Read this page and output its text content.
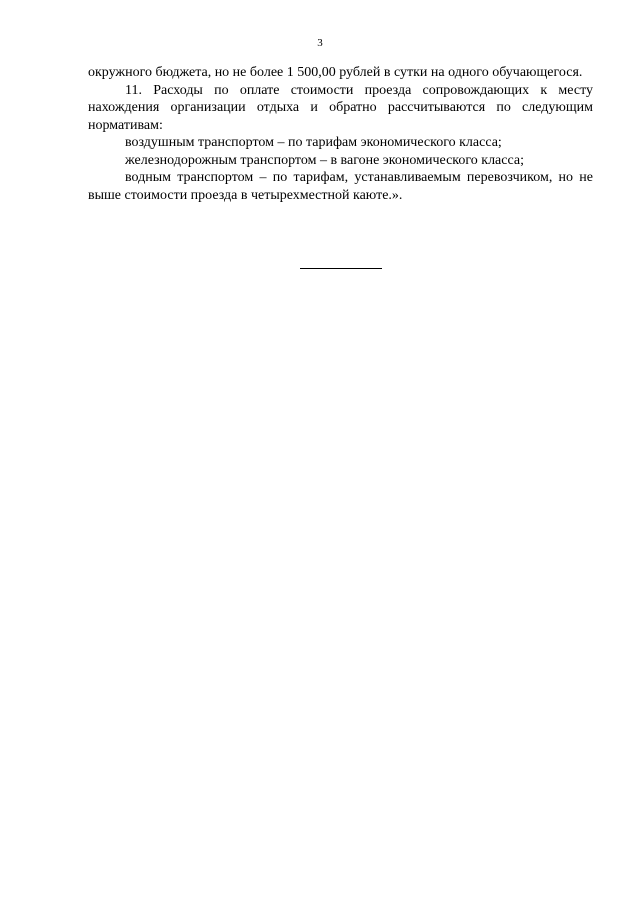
3

окружного бюджета, но не более 1 500,00 рублей в сутки на одного обучающегося.

11. Расходы по оплате стоимости проезда сопровождающих к месту нахождения организации отдыха и обратно рассчитываются по следующим нормативам:

воздушным транспортом – по тарифам экономического класса;

железнодорожным транспортом – в вагоне экономического класса;

водным транспортом – по тарифам, устанавливаемым перевозчиком, но не выше стоимости проезда в четырехместной каюте.».
